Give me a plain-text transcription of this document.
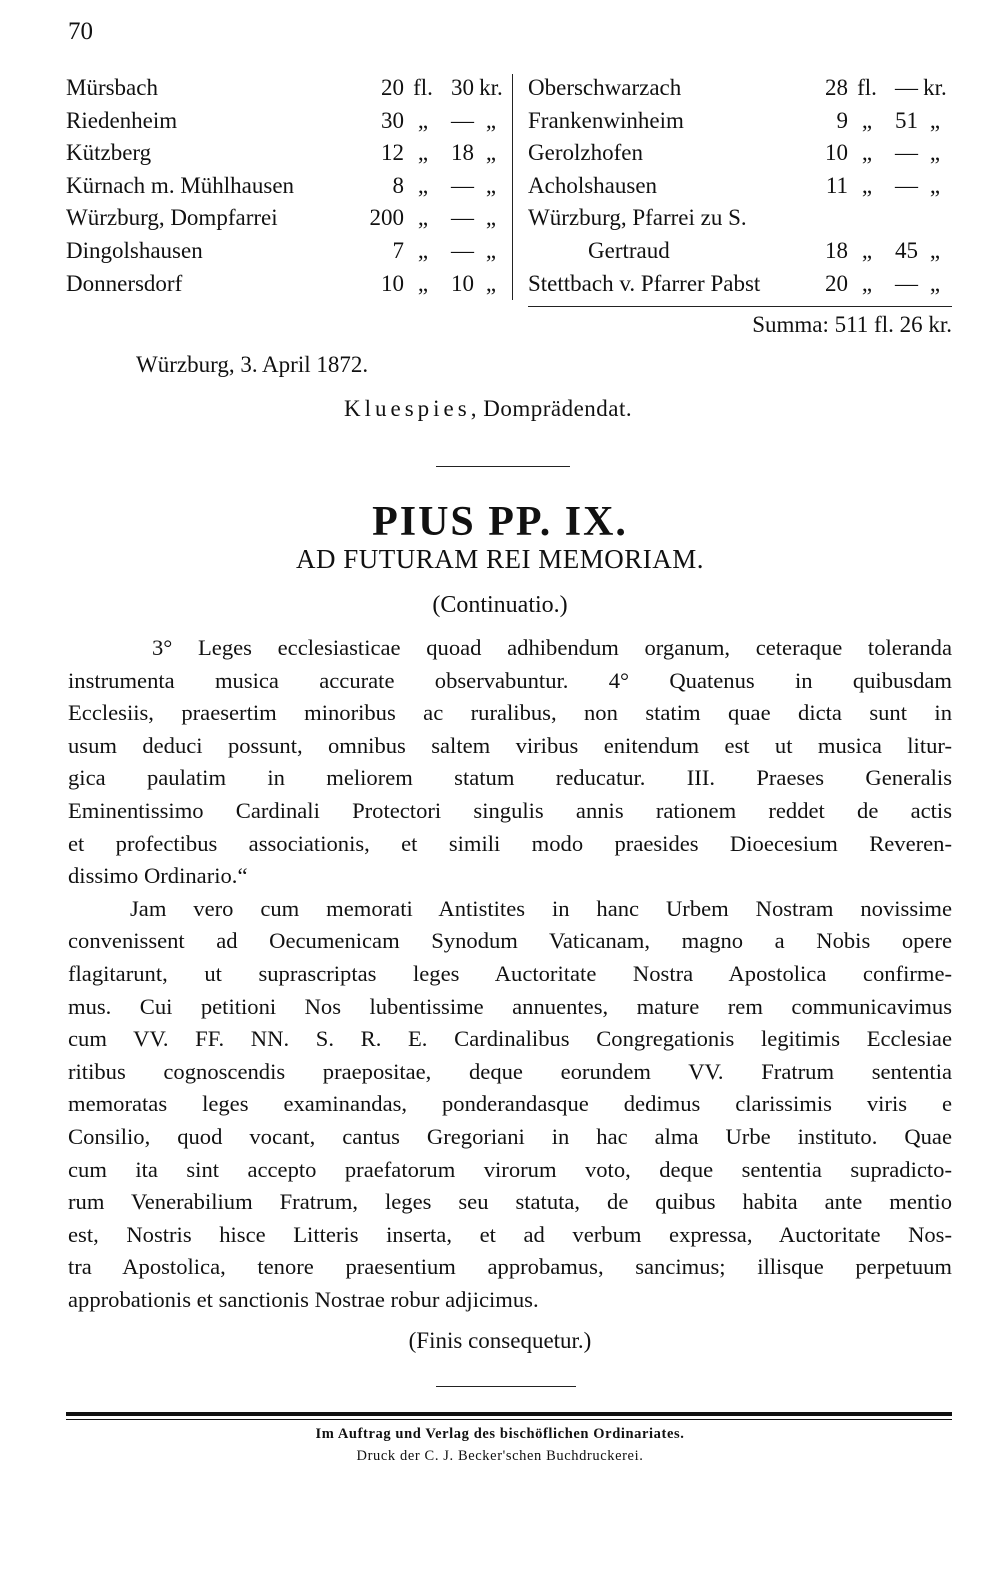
70
Mürsbach	20 fl. 30 kr.
Riedenheim	30 „ — „
Kützberg	12 „ 18 „
Kürnach m. Mühlhausen	8 „ — „
Würzburg, Dompfarrei	200 „ — „
Dingolshausen	7 „ — „
Donnersdorf	10 „ 10 „
Oberschwarzach	28 fl. — kr.
Frankenwinheim	9 „ 51 „
Gerolzhofen	10 „ — „
Acholshausen	11 „ — „
Würzburg, Pfarrei zu S.
Gertraud	18 „ 45 „
Stettbach v. Pfarrer Pabst	20 „ — „
Summa: 511 fl. 26 kr.
Würzburg, 3. April 1872.
Kluespies, Domprädendat.
PIUS PP. IX.
AD FUTURAM REI MEMORIAM.
(Continuatio.)
3° Leges ecclesiasticae quoad adhibendum organum, ceteraque toleranda
instrumenta musica accurate observabuntur. 4° Quatenus in quibusdam
Ecclesiis, praesertim minoribus ac ruralibus, non statim quae dicta sunt in
usum deduci possunt, omnibus saltem viribus enitendum est ut musica litur-
gica paulatim in meliorem statum reducatur. III. Praeses Generalis
Eminentissimo Cardinali Protectori singulis annis rationem reddet de actis
et profectibus associationis, et simili modo praesides Dioecesium Reveren-
dissimo Ordinario.“
Jam vero cum memorati Antistites in hanc Urbem Nostram novissime
convenissent ad Oecumenicam Synodum Vaticanam, magno a Nobis opere
flagitarunt, ut suprascriptas leges Auctoritate Nostra Apostolica confirme-
mus. Cui petitioni Nos lubentissime annuentes, mature rem communicavimus
cum VV. FF. NN. S. R. E. Cardinalibus Congregationis legitimis Ecclesiae
ritibus cognoscendis praepositae, deque eorundem VV. Fratrum sententia
memoratas leges examinandas, ponderandasque dedimus clarissimis viris e
Consilio, quod vocant, cantus Gregoriani in hac alma Urbe instituto. Quae
cum ita sint accepto praefatorum virorum voto, deque sententia supradicto-
rum Venerabilium Fratrum, leges seu statuta, de quibus habita ante mentio
est, Nostris hisce Litteris inserta, et ad verbum expressa, Auctoritate Nos-
tra Apostolica, tenore praesentium approbamus, sancimus; illisque perpetuum
approbationis et sanctionis Nostrae robur adjicimus.
(Finis consequetur.)
Im Auftrag und Verlag des bischöflichen Ordinariates.
Druck der C. J. Becker'schen Buchdruckerei.
